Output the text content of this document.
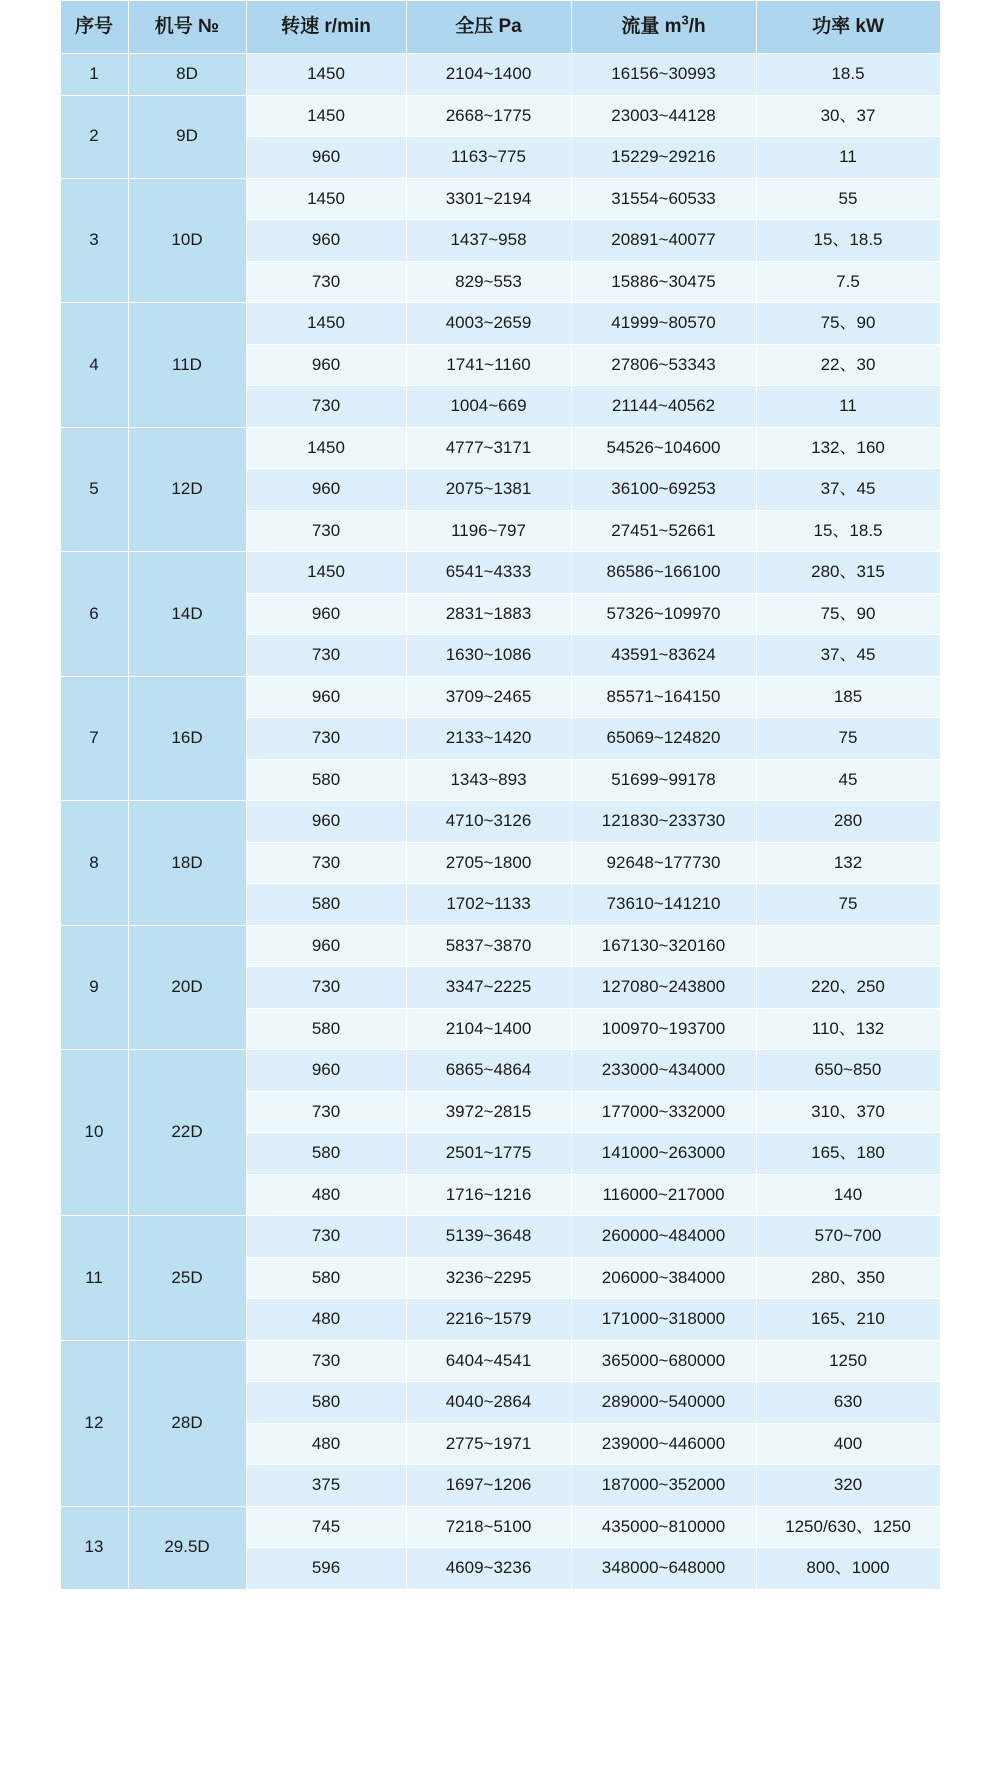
序号	机号 №	转速 r/min	全压 Pa	流量 $m^3/h$	功率 kW
1	8D	1450	2104~1400	16156~30993	18.5
2	9D	1450	2668~1775	23003~44128	30、37
		960	1163~775	15229~29216	11
3	10D	1450	3301~2194	31554~60533	55
		960	1437~958	20891~40077	15、18.5
		730	829~553	15886~30475	7.5
4	11D	1450	4003~2659	41999~80570	75、90
		960	1741~1160	27806~53343	22、30
		730	1004~669	21144~40562	11
5	12D	1450	4777~3171	54526~104600	132、160
		960	2075~1381	36100~69253	37、45
		730	1196~797	27451~52661	15、18.5
6	14D	1450	6541~4333	86586~166100	280、315
		960	2831~1883	57326~109970	75、90
		730	1630~1086	43591~83624	37、45
7	16D	960	3709~2465	85571~164150	185
		730	2133~1420	65069~124820	75
		580	1343~893	51699~99178	45
8	18D	960	4710~3126	121830~233730	280
		730	2705~1800	92648~177730	132
		580	1702~1133	73610~141210	75
9	20D	960	5837~3870	167130~320160	
		730	3347~2225	127080~243800	220、250
		580	2104~1400	100970~193700	110、132
10	22D	960	6865~4864	233000~434000	650~850
		730	3972~2815	177000~332000	310、370
		580	2501~1775	141000~263000	165、180
		480	1716~1216	116000~217000	140
11	25D	730	5139~3648	260000~484000	570~700
		580	3236~2295	206000~384000	280、350
		480	2216~1579	171000~318000	165、210
12	28D	730	6404~4541	365000~680000	1250
		580	4040~2864	289000~540000	630
		480	2775~1971	239000~446000	400
		375	1697~1206	187000~352000	320
13	29.5D	745	7218~5100	435000~810000	1250/630、1250
		596	4609~3236	348000~648000	800、1000
